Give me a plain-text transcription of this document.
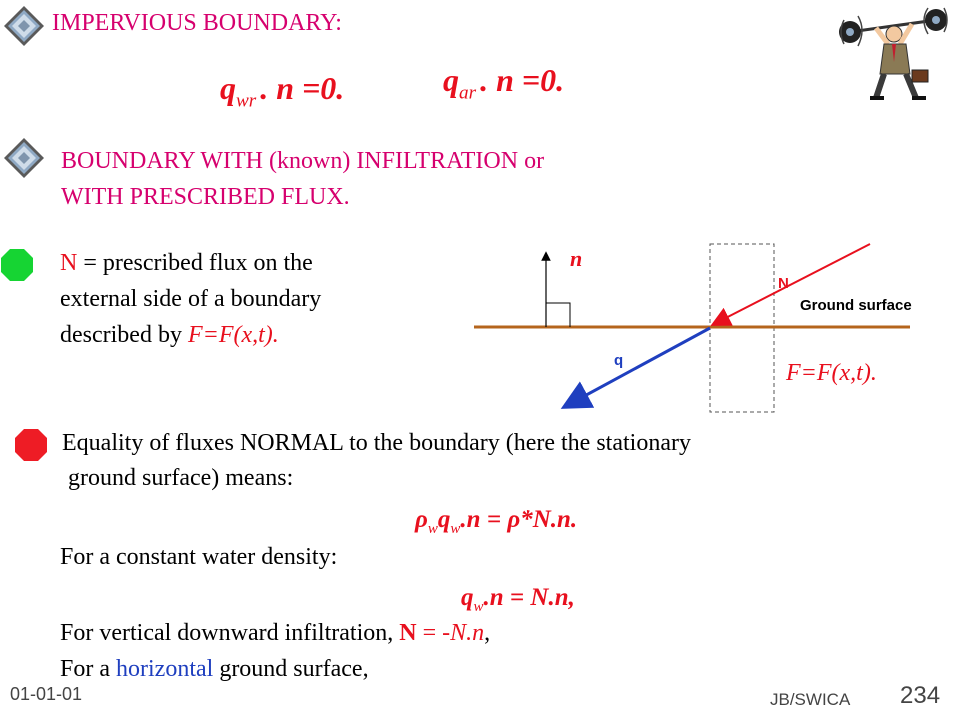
IMPERVIOUS BOUNDARY:
$q_{wr}$ . n =0.	$q_{ar}$ . n =0.
BOUNDARY WITH (known) INFILTRATION or
WITH PRESCRIBED FLUX.
N = prescribed flux on the
external side of a boundary
described by F=F(x,t).
n
N
Ground surface
q	F=F(x,t).
Equality of fluxes NORMAL to the boundary (here the stationary
ground surface) means:
$\rho_wq_w.n = \rho*N.n$.
For a constant water density:
$q_w.n = N.n$,
For vertical downward infiltration, N = -N.n,
For a horizontal ground surface,
01-01-01	JB/SWICA 234
